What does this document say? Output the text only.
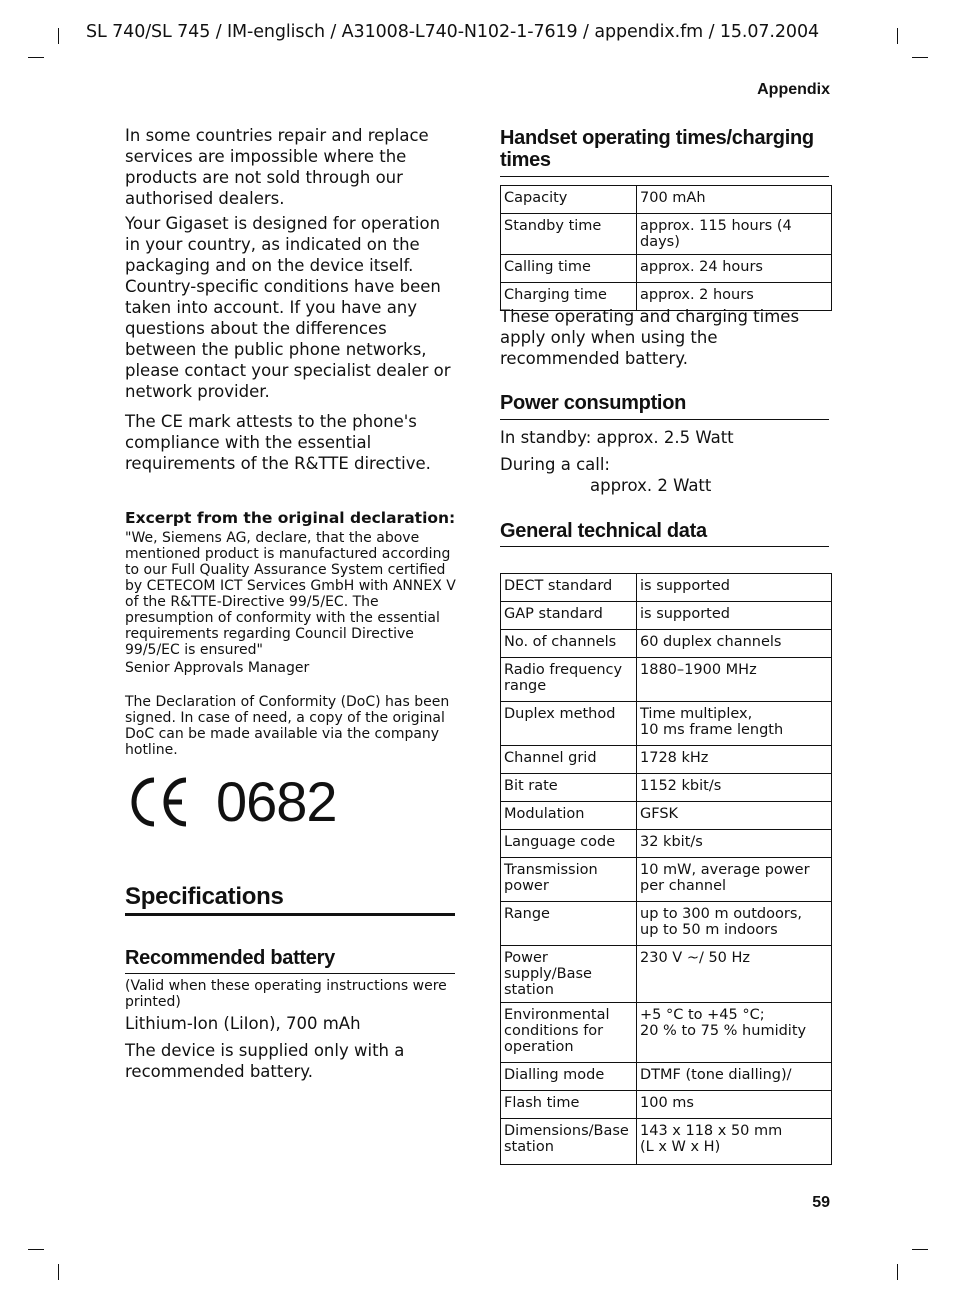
SL 740/SL 745 / IM-englisch / A31008-L740-N102-1-7619 / appendix.fm / 15.07.2004
Appendix

In some countries repair and replace services are impossible where the products are not sold through our authorised dealers.

Your Gigaset is designed for operation in your country, as indicated on the packaging and on the device itself. Country-specific conditions have been taken into account. If you have any questions about the differences between the public phone networks, please contact your specialist dealer or network provider.

The CE mark attests to the phone's compliance with the essential requirements of the R&TTE directive.

Excerpt from the original declaration:

"We, Siemens AG, declare, that the above mentioned product is manufactured according to our Full Quality Assurance System certified by CETECOM ICT Services GmbH with ANNEX V of the R&TTE-Directive 99/5/EC. The presumption of conformity with the essential requirements regarding Council Directive 99/5/EC is ensured"

Senior Approvals Manager

The Declaration of Conformity (DoC) has been signed. In case of need, a copy of the original DoC can be made available via the company hotline.

0682
Specifications
Recommended battery

(Valid when these operating instructions were printed)

Lithium-Ion (LiIon), 700 mAh

The device is supplied only with a recommended battery.

Handset operating times/charging times
Capacity	700 mAh
Standby time	approx. 115 hours (4 days)
Calling time	approx. 24 hours
Charging time	approx. 2 hours

These operating and charging times apply only when using the recommended battery.

Power consumption

In standby: approx. 2.5 Watt

During a call:

approx. 2 Watt

General technical data
DECT standard	is supported
GAP standard	is supported
No. of channels	60 duplex channels
Radio frequency range	1880–1900 MHz
Duplex method	Time multiplex,
10 ms frame length
Channel grid	1728 kHz
Bit rate	1152 kbit/s
Modulation	GFSK
Language code	32 kbit/s
Transmission power	10 mW, average power per channel
Range	up to 300 m outdoors,
up to 50 m indoors
Power supply/Base station	230 V ~/ 50 Hz
Environmental conditions for operation	+5 °C to +45 °C;
20 % to 75 % humidity
Dialling mode	DTMF (tone dialling)/
Flash time	100 ms
Dimensions/Base station	143 x 118 x 50 mm
(L x W x H)
59
